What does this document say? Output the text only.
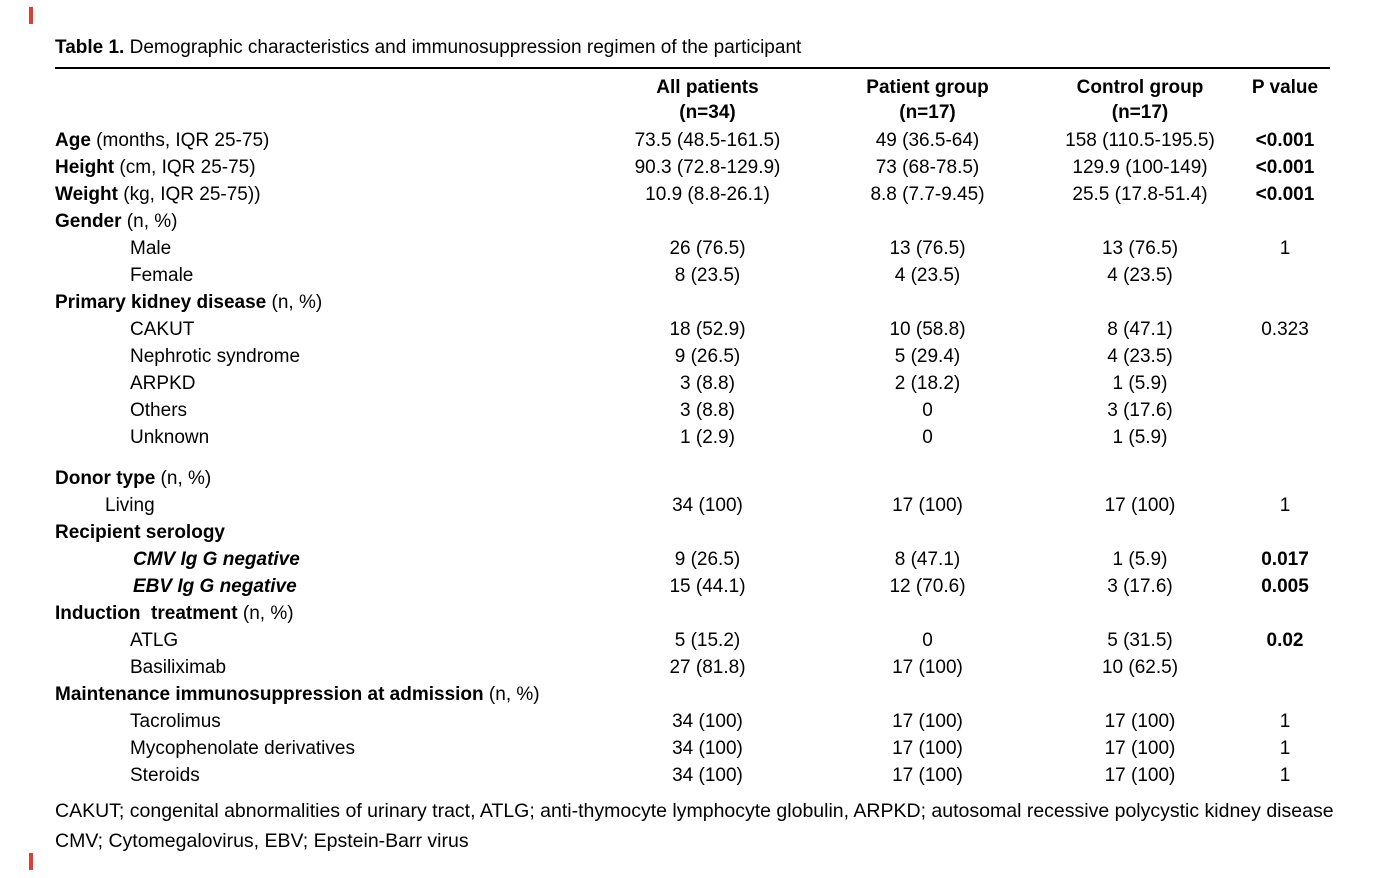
Table 1. Demographic characteristics and immunosuppression regimen of the participant
	All patients	Patient group	Control group	P value
	(n=34)	(n=17)	(n=17)	
Age (months, IQR 25-75)	73.5 (48.5-161.5)	49 (36.5-64)	158 (110.5-195.5)	<0.001
Height (cm, IQR 25-75)	90.3 (72.8-129.9)	73 (68-78.5)	129.9 (100-149)	<0.001
Weight (kg, IQR 25-75))	10.9 (8.8-26.1)	8.8 (7.7-9.45)	25.5 (17.8-51.4)	<0.001
Gender (n, %)				
Male	26 (76.5)	13 (76.5)	13 (76.5)	1
Female	8 (23.5)	4 (23.5)	4 (23.5)	
Primary kidney disease (n, %)				
CAKUT	18 (52.9)	10 (58.8)	8 (47.1)	0.323
Nephrotic syndrome	9 (26.5)	5 (29.4)	4 (23.5)	
ARPKD	3 (8.8)	2 (18.2)	1 (5.9)	
Others	3 (8.8)	0	3 (17.6)	
Unknown	1 (2.9)	0	1 (5.9)	
Donor type (n, %)				
Living	34 (100)	17 (100)	17 (100)	1
Recipient serology				
CMV Ig G negative	9 (26.5)	8 (47.1)	1 (5.9)	0.017
EBV Ig G negative	15 (44.1)	12 (70.6)	3 (17.6)	0.005
Induction  treatment (n, %)				
ATLG	5 (15.2)	0	5 (31.5)	0.02
Basiliximab	27 (81.8)	17 (100)	10 (62.5)	
Maintenance immunosuppression at admission (n, %)				
Tacrolimus	34 (100)	17 (100)	17 (100)	1
Mycophenolate derivatives	34 (100)	17 (100)	17 (100)	1
Steroids	34 (100)	17 (100)	17 (100)	1

CAKUT; congenital abnormalities of urinary tract, ATLG; anti-thymocyte lymphocyte globulin, ARPKD; autosomal recessive polycystic kidney disease CMV; Cytomegalovirus, EBV; Epstein-Barr virus
